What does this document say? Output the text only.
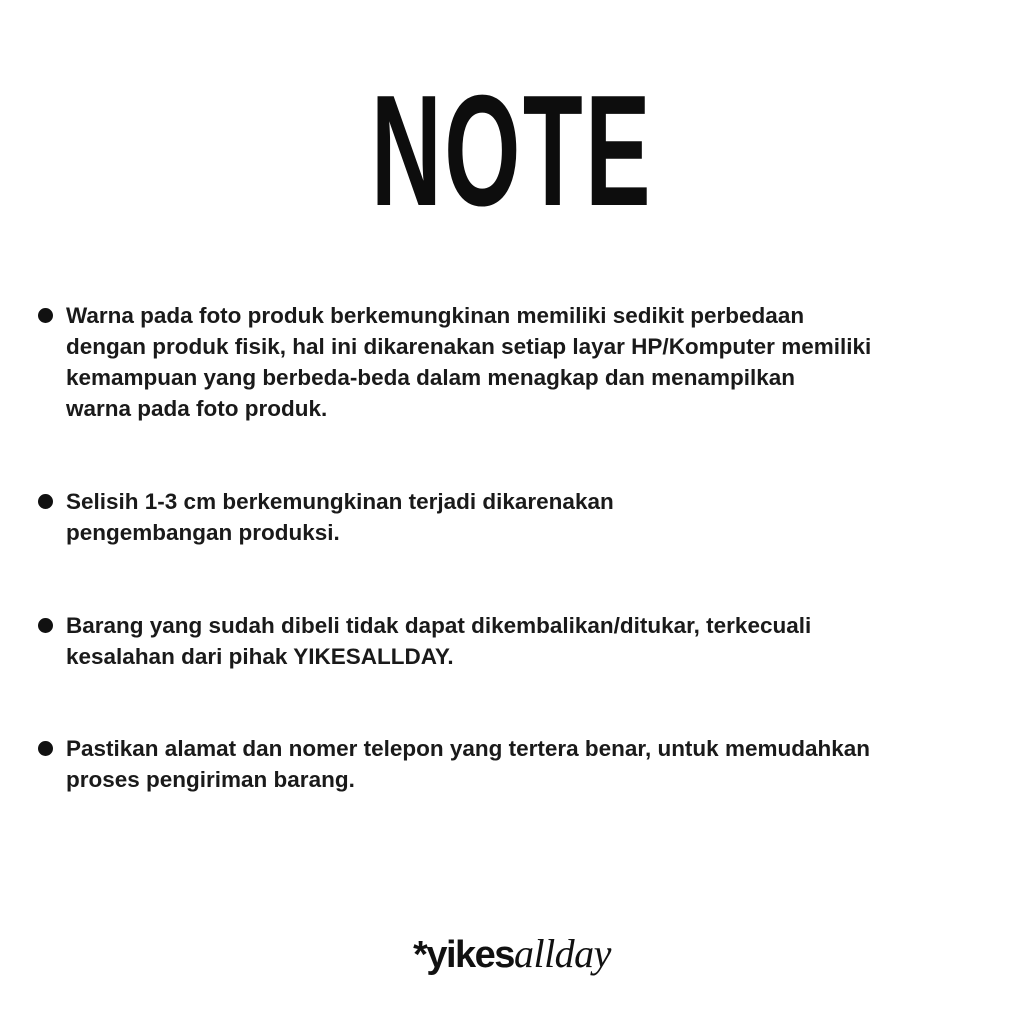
NOTE
Warna pada foto produk berkemungkinan memiliki sedikit perbedaan
dengan produk fisik, hal ini dikarenakan setiap layar HP/Komputer memiliki
kemampuan yang berbeda-beda dalam menagkap dan menampilkan
warna pada foto produk.
Selisih 1-3 cm berkemungkinan terjadi dikarenakan
pengembangan produksi.
Barang yang sudah dibeli tidak dapat dikembalikan/ditukar, terkecuali
kesalahan dari pihak YIKESALLDAY.
Pastikan alamat dan nomer telepon yang tertera benar, untuk memudahkan
proses pengiriman barang.
*yikesallday
